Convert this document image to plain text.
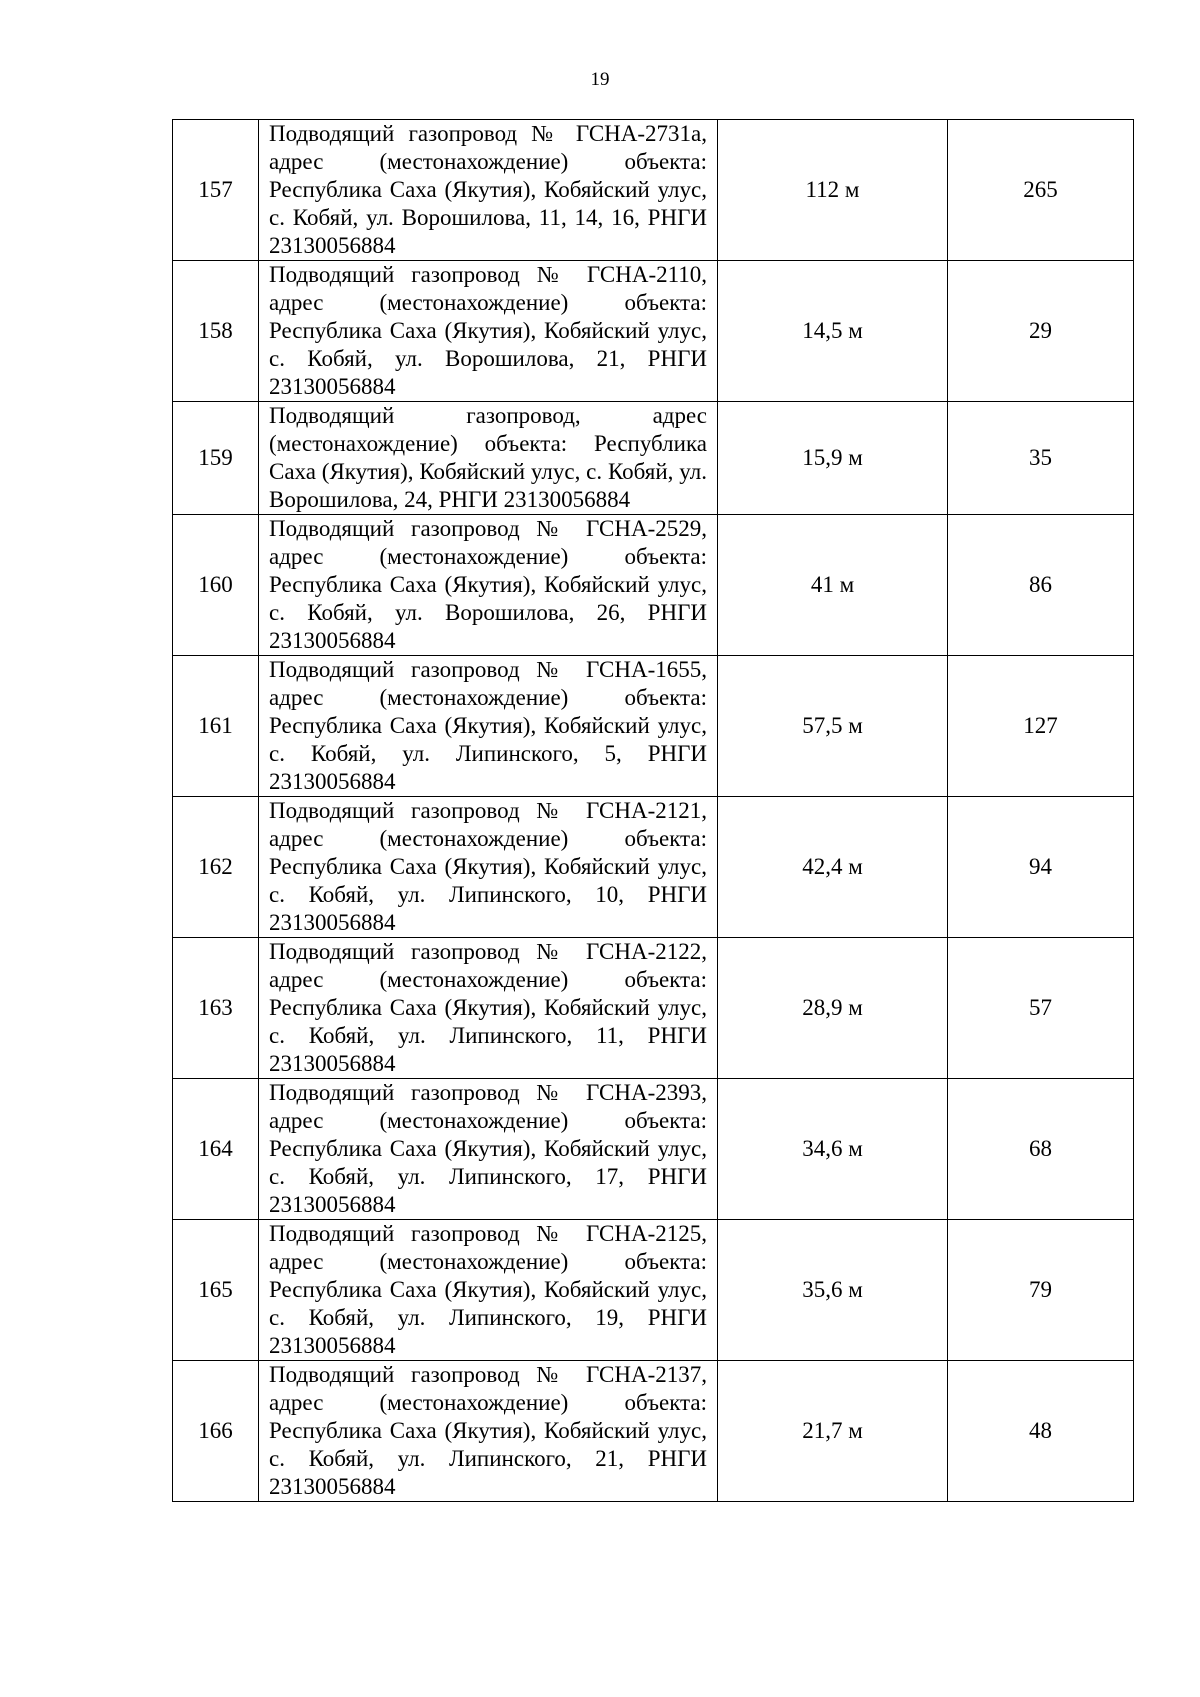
19
157	Подводящий газопровод № ГСНА-2731а, адрес (местонахождение) объекта: Республика Саха (Якутия), Кобяйский улус, с. Кобяй, ул. Ворошилова, 11, 14, 16, РНГИ 23130056884	112 м	265
158	Подводящий газопровод № ГСНА-2110, адрес (местонахождение) объекта: Республика Саха (Якутия), Кобяйский улус, с. Кобяй, ул. Ворошилова, 21, РНГИ 23130056884	14,5 м	29
159	Подводящий газопровод, адрес (местонахождение) объекта: Республика Саха (Якутия), Кобяйский улус, с. Кобяй, ул. Ворошилова, 24, РНГИ 23130056884	15,9 м	35
160	Подводящий газопровод № ГСНА-2529, адрес (местонахождение) объекта: Республика Саха (Якутия), Кобяйский улус, с. Кобяй, ул. Ворошилова, 26, РНГИ 23130056884	41 м	86
161	Подводящий газопровод № ГСНА-1655, адрес (местонахождение) объекта: Республика Саха (Якутия), Кобяйский улус, с. Кобяй, ул. Липинского, 5, РНГИ 23130056884	57,5 м	127
162	Подводящий газопровод № ГСНА-2121, адрес (местонахождение) объекта: Республика Саха (Якутия), Кобяйский улус, с. Кобяй, ул. Липинского, 10, РНГИ 23130056884	42,4 м	94
163	Подводящий газопровод № ГСНА-2122, адрес (местонахождение) объекта: Республика Саха (Якутия), Кобяйский улус, с. Кобяй, ул. Липинского, 11, РНГИ 23130056884	28,9 м	57
164	Подводящий газопровод № ГСНА-2393, адрес (местонахождение) объекта: Республика Саха (Якутия), Кобяйский улус, с. Кобяй, ул. Липинского, 17, РНГИ 23130056884	34,6 м	68
165	Подводящий газопровод № ГСНА-2125, адрес (местонахождение) объекта: Республика Саха (Якутия), Кобяйский улус, с. Кобяй, ул. Липинского, 19, РНГИ 23130056884	35,6 м	79
166	Подводящий газопровод № ГСНА-2137, адрес (местонахождение) объекта: Республика Саха (Якутия), Кобяйский улус, с. Кобяй, ул. Липинского, 21, РНГИ 23130056884	21,7 м	48
